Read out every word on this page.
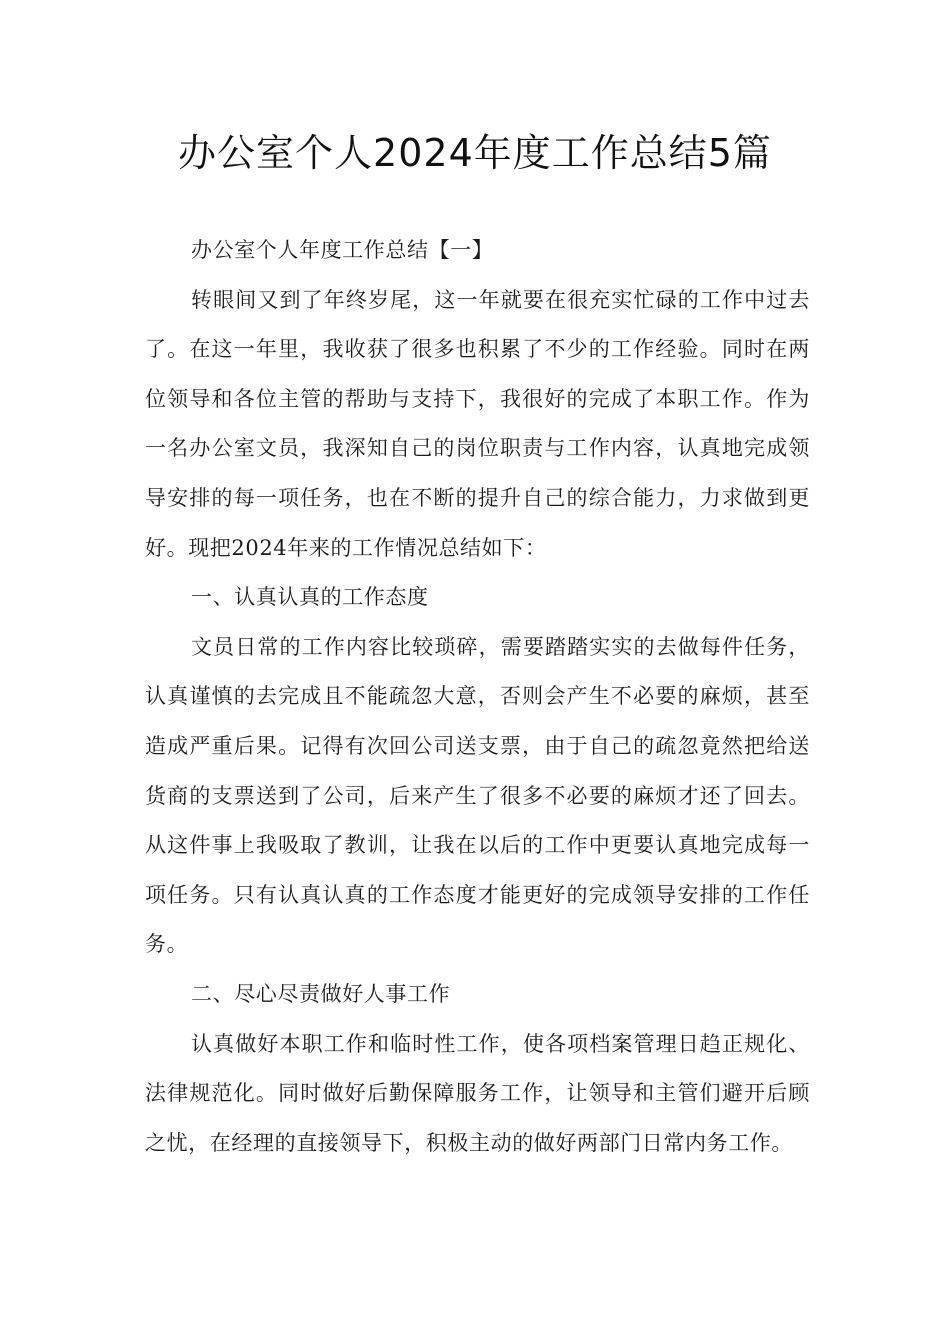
办公室个人2024年度工作总结5篇

办公室个人年度工作总结【一】

转眼间又到了年终岁尾，这一年就要在很充实忙碌的工作中过去了。在这一年里，我收获了很多也积累了不少的工作经验。同时在两位领导和各位主管的帮助与支持下，我很好的完成了本职工作。作为一名办公室文员，我深知自己的岗位职责与工作内容，认真地完成领导安排的每一项任务，也在不断的提升自己的综合能力，力求做到更好。现把2024年来的工作情况总结如下：

一、认真认真的工作态度

文员日常的工作内容比较琐碎，需要踏踏实实的去做每件任务，认真谨慎的去完成且不能疏忽大意，否则会产生不必要的麻烦，甚至造成严重后果。记得有次回公司送支票，由于自己的疏忽竟然把给送货商的支票送到了公司，后来产生了很多不必要的麻烦才还了回去。从这件事上我吸取了教训，让我在以后的工作中更要认真地完成每一项任务。只有认真认真的工作态度才能更好的完成领导安排的工作任务。

二、尽心尽责做好人事工作

认真做好本职工作和临时性工作，使各项档案管理日趋正规化、法律规范化。同时做好后勤保障服务工作，让领导和主管们避开后顾之忧，在经理的直接领导下，积极主动的做好两部门日常内务工作。
